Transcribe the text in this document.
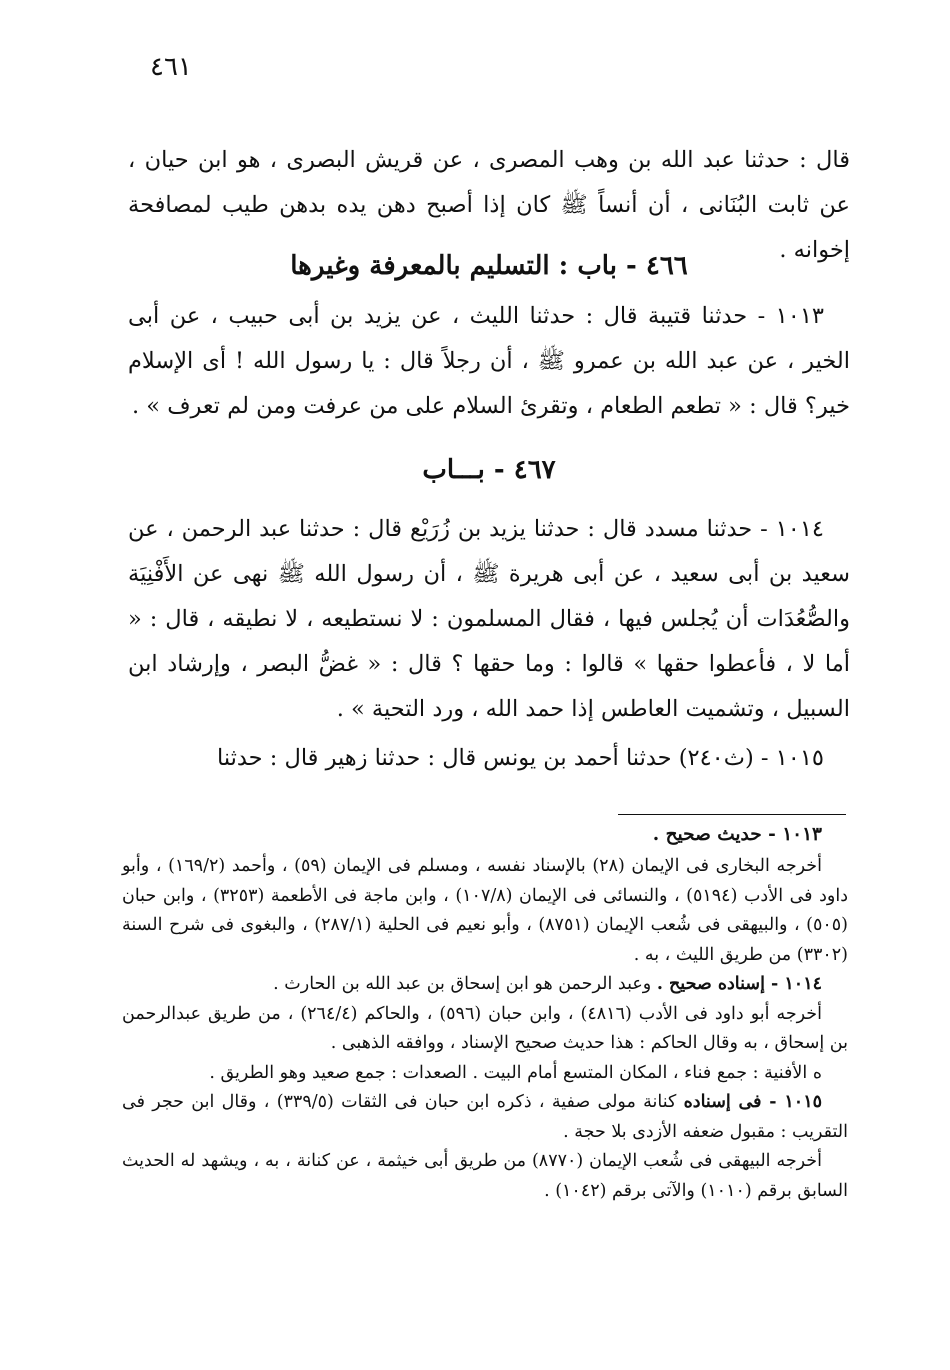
٤٦١

قال : حدثنا عبد الله بن وهب المصرى ، عن قريش البصرى ، هو ابن حيان ، عن ثابت البُنَانى ، أن أنساً ﷺ كان إذا أصبح دهن يده بدهن طيب لمصافحة إخوانه .

٤٦٦ - باب : التسليم بالمعرفة وغيرها

١٠١٣ - حدثنا قتيبة قال : حدثنا الليث ، عن يزيد بن أبى حبيب ، عن أبى الخير ، عن عبد الله بن عمرو ﷺ ، أن رجلاً قال : يا رسول الله ! أى الإسلام خير؟ قال : « تطعم الطعام ، وتقرئ السلام على من عرفت ومن لم تعرف » .

٤٦٧ - بـــاب

١٠١٤ - حدثنا مسدد قال : حدثنا يزيد بن زُرَيْع قال : حدثنا عبد الرحمن ، عن سعيد بن أبى سعيد ، عن أبى هريرة ﷺ ، أن رسول الله ﷺ نهى عن الأَفْنِيَة والصُّعُدَات أن يُجلس فيها ، فقال المسلمون : لا نستطيعه ، لا نطيقه ، قال : « أما لا ، فأعطوا حقها » قالوا : وما حقها ؟ قال : « غضُّ البصر ، وإرشاد ابن السبيل ، وتشميت العاطس إذا حمد الله ، ورد التحية » .

١٠١٥ - (ث٢٤٠) حدثنا أحمد بن يونس قال : حدثنا زهير قال : حدثنا

١٠١٣ - حديث صحيح .

أخرجه البخارى فى الإيمان (٢٨) بالإسناد نفسه ، ومسلم فى الإيمان (٥٩) ، وأحمد (١٦٩/٢) ، وأبو داود فى الأدب (٥١٩٤) ، والنسائى فى الإيمان (١٠٧/٨) ، وابن ماجة فى الأطعمة (٣٢٥٣) ، وابن حبان (٥٠٥) ، والبيهقى فى شُعب الإيمان (٨٧٥١) ، وأبو نعيم فى الحلية (٢٨٧/١) ، والبغوى فى شرح السنة (٣٣٠٢) من طريق الليث ، به .

١٠١٤ - إسناده صحيح . وعبد الرحمن هو ابن إسحاق بن عبد الله بن الحارث .

أخرجه أبو داود فى الأدب (٤٨١٦) ، وابن حبان (٥٩٦) ، والحاكم (٢٦٤/٤) ، من طريق عبدالرحمن بن إسحاق ، به وقال الحاكم : هذا حديث صحيح الإسناد ، ووافقه الذهبى .

ه الأفنية : جمع فناء ، المكان المتسع أمام البيت . الصعدات : جمع صعيد وهو الطريق .

١٠١٥ - فى إسناده كنانة مولى صفية ، ذكره ابن حبان فى الثقات (٣٣٩/٥) ، وقال ابن حجر فى التقريب : مقبول ضعفه الأزدى بلا حجة .

أخرجه البيهقى فى شُعب الإيمان (٨٧٧٠) من طريق أبى خيثمة ، عن كنانة ، به ، ويشهد له الحديث السابق برقم (١٠١٠) والآتى برقم (١٠٤٢) .
